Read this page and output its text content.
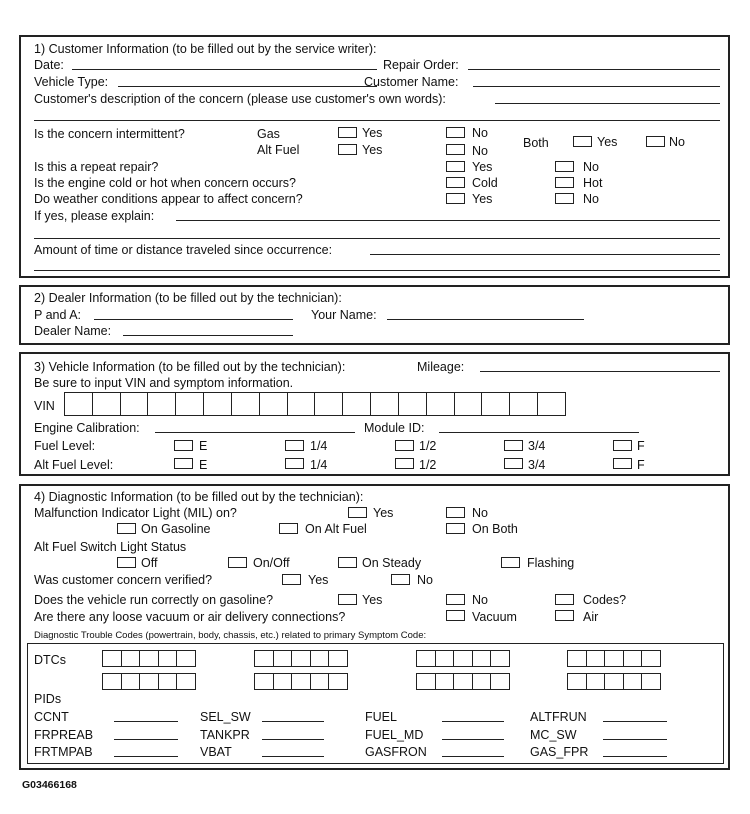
1) Customer Information (to be filled out by the service writer):
Date:	Repair Order:
Vehicle Type:	Customer Name:
Customer's description of the concern (please use customer's own words):
Is the concern intermittent?	Gas	Yes	No
Both	Yes	No
Alt Fuel	Yes	No
Is this a repeat repair?	Yes	No
Is the engine cold or hot when concern occurs?	Cold	Hot
Do weather conditions appear to affect concern?	Yes	No
If yes, please explain:
Amount of time or distance traveled since occurrence:
2) Dealer Information (to be filled out by the technician):
P and A:	Your Name:
Dealer Name:
3) Vehicle Information (to be filled out by the technician):	Mileage:
Be sure to input VIN and symptom information.
VIN
Engine Calibration:	Module ID:
Fuel Level:	E	1/4	1/2	3/4	F
Alt Fuel Level:	E	1/4	1/2	3/4	F
4) Diagnostic Information (to be filled out by the technician):
Malfunction Indicator Light (MIL) on?	Yes	No
On Gasoline	On Alt Fuel	On Both
Alt Fuel Switch Light Status
Off	On/Off	On Steady	Flashing
Was customer concern verified?	Yes	No
Does the vehicle run correctly on gasoline?	Yes	No	Codes?
Are there any loose vacuum or air delivery connections?	Vacuum	Air
Diagnostic Trouble Codes (powertrain, body, chassis, etc.) related to primary Symptom Code:
DTCs
PIDs
CCNT	SEL_SW	FUEL	ALTFRUN
FRPREAB	TANKPR	FUEL_MD	MC_SW
FRTMPAB	VBAT	GASFRON	GAS_FPR
G03466168
